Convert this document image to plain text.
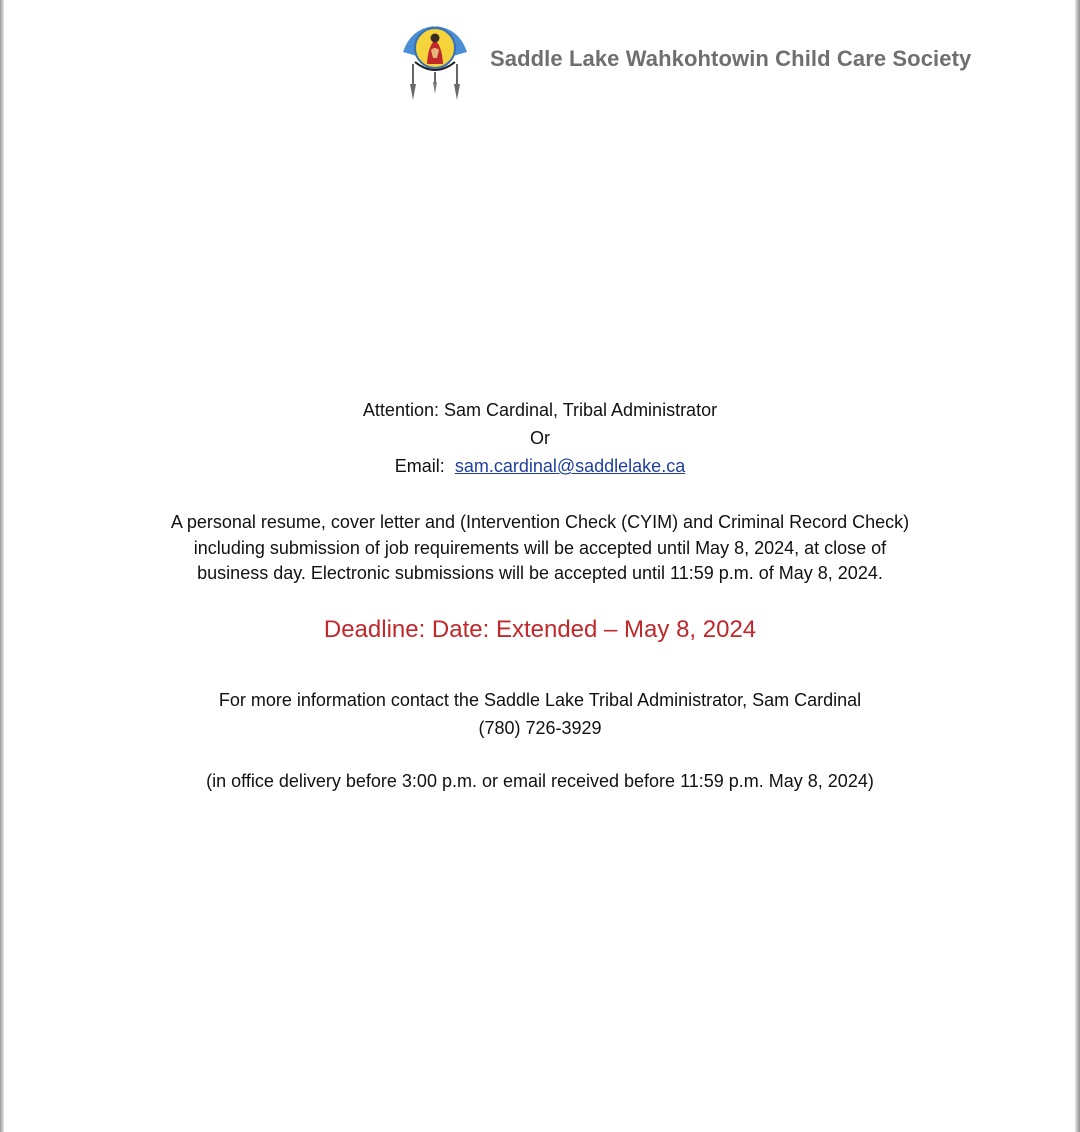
Saddle Lake Wahkohtowin Child Care Society
Attention: Sam Cardinal, Tribal Administrator
Or
Email:  sam.cardinal@saddlelake.ca
A personal resume, cover letter and (Intervention Check (CYIM) and Criminal Record Check)
including submission of job requirements will be accepted until May 8, 2024, at close of
business day. Electronic submissions will be accepted until 11:59 p.m. of May 8, 2024.
Deadline: Date: Extended – May 8, 2024
For more information contact the Saddle Lake Tribal Administrator, Sam Cardinal
(780) 726-3929
(in office delivery before 3:00 p.m. or email received before 11:59 p.m. May 8, 2024)
